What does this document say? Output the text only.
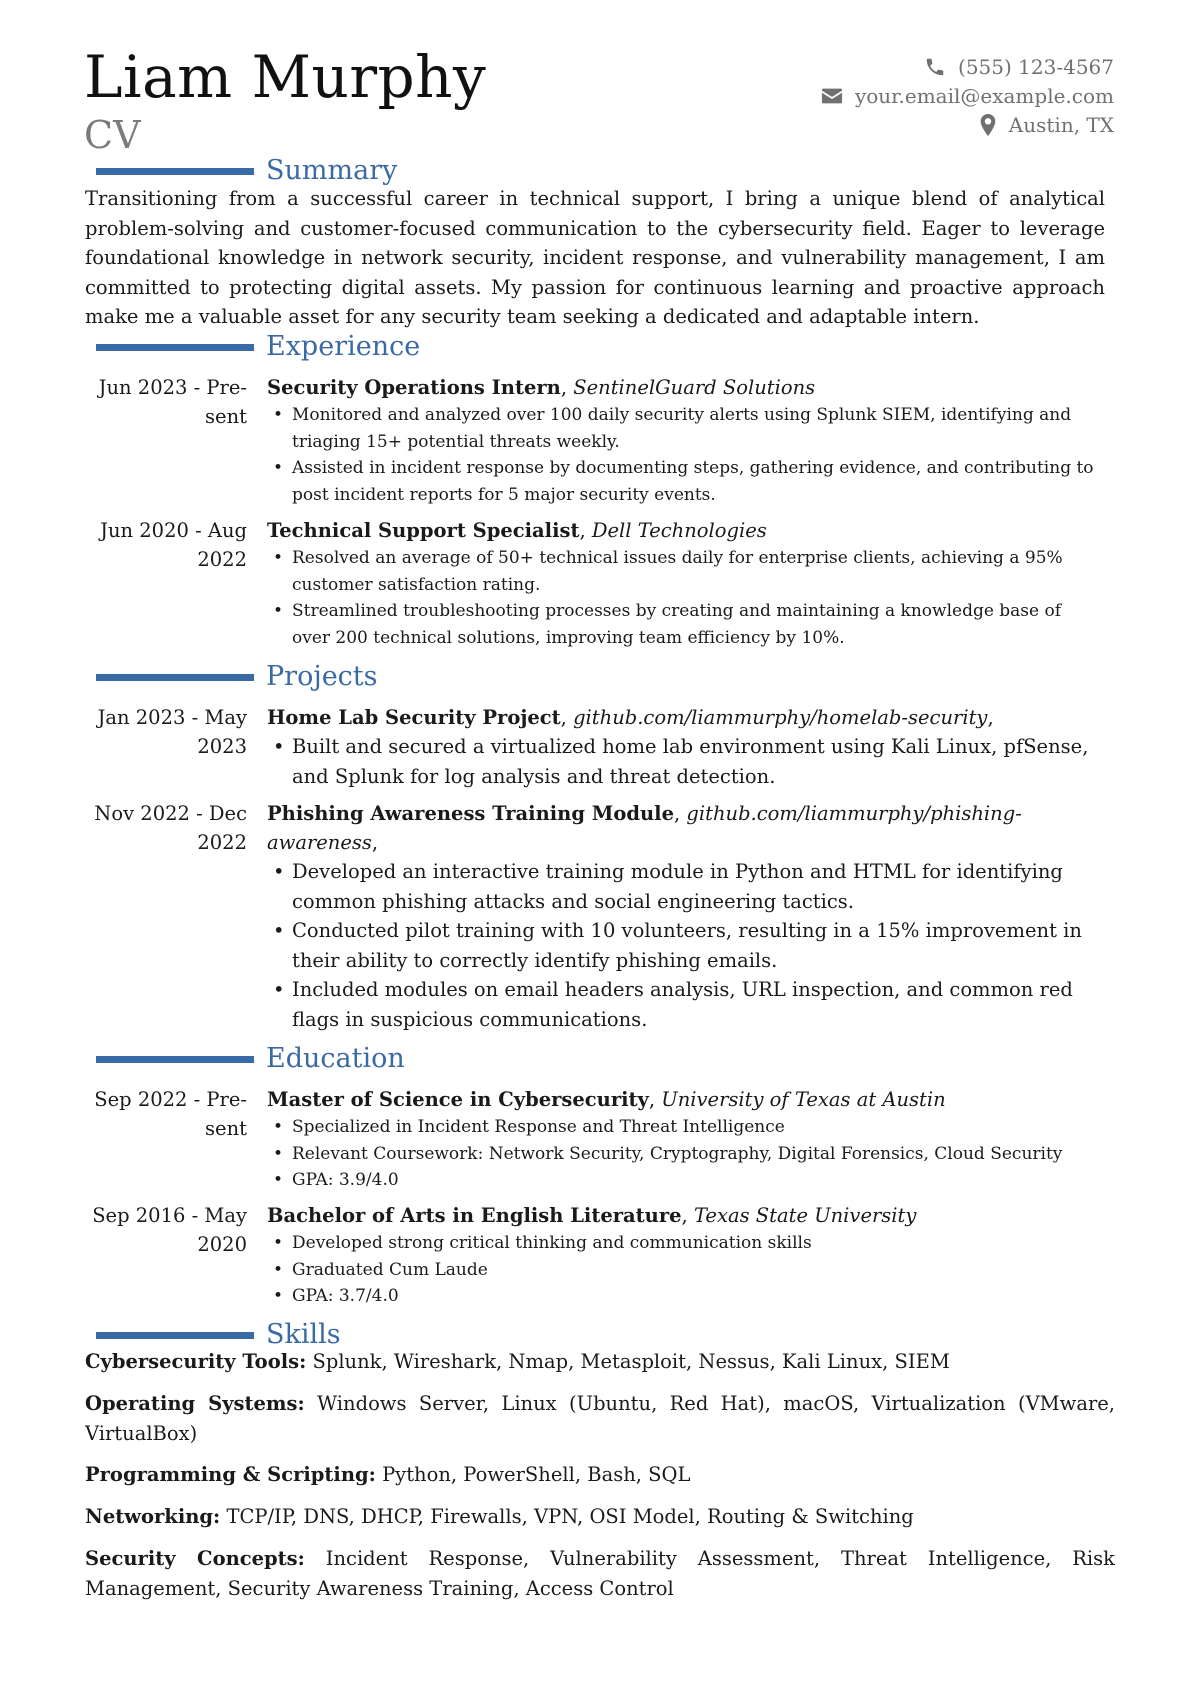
Liam Murphy
CV
(555) 123-4567
your.email@example.com
Austin, TX
Summary
Transitioning from a successful career in technical support, I bring a unique blend of analytical problem-solving and customer-focused communication to the cybersecurity field. Eager to leverage foundational knowledge in network security, incident response, and vulnerability management, I am committed to protecting digital assets. My passion for continuous learning and proactive approach make me a valuable asset for any security team seeking a dedicated and adaptable intern.
Experience
Jun 2023 - Pre-
sent
Security Operations Intern, SentinelGuard Solutions
• Monitored and analyzed over 100 daily security alerts using Splunk SIEM, identifying and triaging 15+ potential threats weekly.
• Assisted in incident response by documenting steps, gathering evidence, and contributing to post incident reports for 5 major security events.
Jun 2020 - Aug
2022
Technical Support Specialist, Dell Technologies
• Resolved an average of 50+ technical issues daily for enterprise clients, achieving a 95% customer satisfaction rating.
• Streamlined troubleshooting processes by creating and maintaining a knowledge base of over 200 technical solutions, improving team efficiency by 10%.
Projects
Jan 2023 - May
2023
Home Lab Security Project, github.com/liammurphy/homelab-security,
• Built and secured a virtualized home lab environment using Kali Linux, pfSense, and Splunk for log analysis and threat detection.
Nov 2022 - Dec
2022
Phishing Awareness Training Module, github.com/liammurphy/phishing-awareness,
• Developed an interactive training module in Python and HTML for identifying common phishing attacks and social engineering tactics.
• Conducted pilot training with 10 volunteers, resulting in a 15% improvement in their ability to correctly identify phishing emails.
• Included modules on email headers analysis, URL inspection, and common red flags in suspicious communications.
Education
Sep 2022 - Pre-
sent
Master of Science in Cybersecurity, University of Texas at Austin
• Specialized in Incident Response and Threat Intelligence
• Relevant Coursework: Network Security, Cryptography, Digital Forensics, Cloud Security
• GPA: 3.9/4.0
Sep 2016 - May
2020
Bachelor of Arts in English Literature, Texas State University
• Developed strong critical thinking and communication skills
• Graduated Cum Laude
• GPA: 3.7/4.0
Skills
Cybersecurity Tools: Splunk, Wireshark, Nmap, Metasploit, Nessus, Kali Linux, SIEM
Operating Systems: Windows Server, Linux (Ubuntu, Red Hat), macOS, Virtualization (VMware, VirtualBox)
Programming & Scripting: Python, PowerShell, Bash, SQL
Networking: TCP/IP, DNS, DHCP, Firewalls, VPN, OSI Model, Routing & Switching
Security Concepts: Incident Response, Vulnerability Assessment, Threat Intelligence, Risk Management, Security Awareness Training, Access Control
